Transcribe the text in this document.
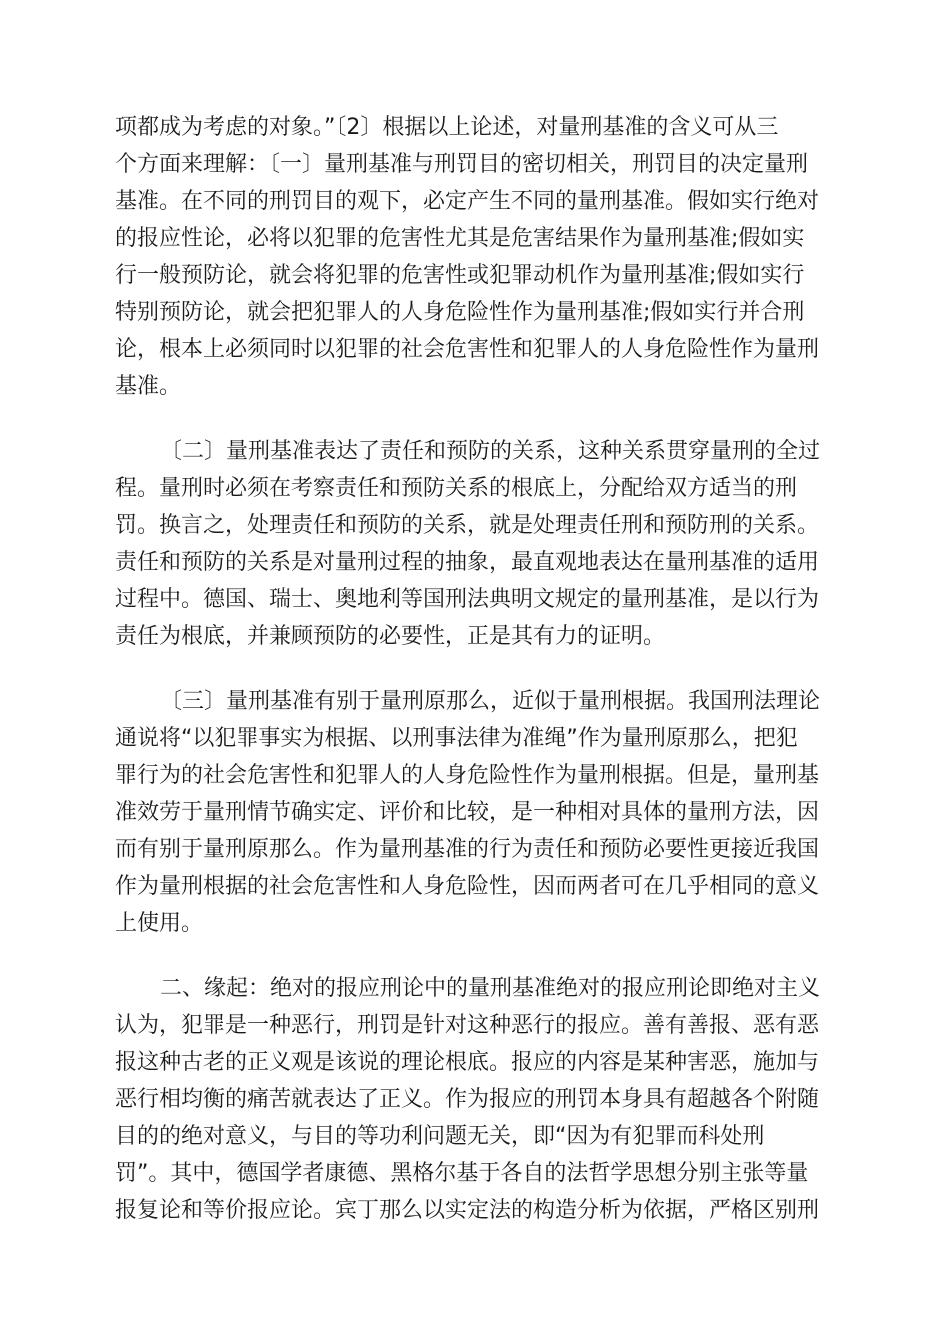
项都成为考虑的对象。”〔2〕根据以上论述，对量刑基准的含义可从三
个方面来理解：〔一〕量刑基准与刑罚目的密切相关，刑罚目的决定量刑
基准。在不同的刑罚目的观下，必定产生不同的量刑基准。假如实行绝对
的报应性论，必将以犯罪的危害性尤其是危害结果作为量刑基准;假如实
行一般预防论，就会将犯罪的危害性或犯罪动机作为量刑基准;假如实行
特别预防论，就会把犯罪人的人身危险性作为量刑基准;假如实行并合刑
论，根本上必须同时以犯罪的社会危害性和犯罪人的人身危险性作为量刑
基准。
〔二〕量刑基准表达了责任和预防的关系，这种关系贯穿量刑的全过
程。量刑时必须在考察责任和预防关系的根底上，分配给双方适当的刑
罚。换言之，处理责任和预防的关系，就是处理责任刑和预防刑的关系。
责任和预防的关系是对量刑过程的抽象，最直观地表达在量刑基准的适用
过程中。德国、瑞士、奥地利等国刑法典明文规定的量刑基准，是以行为
责任为根底，并兼顾预防的必要性，正是其有力的证明。
〔三〕量刑基准有别于量刑原那么，近似于量刑根据。我国刑法理论
通说将“以犯罪事实为根据、以刑事法律为准绳”作为量刑原那么，把犯
罪行为的社会危害性和犯罪人的人身危险性作为量刑根据。但是，量刑基
准效劳于量刑情节确实定、评价和比较，是一种相对具体的量刑方法，因
而有别于量刑原那么。作为量刑基准的行为责任和预防必要性更接近我国
作为量刑根据的社会危害性和人身危险性，因而两者可在几乎相同的意义
上使用。
二、缘起：绝对的报应刑论中的量刑基准绝对的报应刑论即绝对主义
认为，犯罪是一种恶行，刑罚是针对这种恶行的报应。善有善报、恶有恶
报这种古老的正义观是该说的理论根底。报应的内容是某种害恶，施加与
恶行相均衡的痛苦就表达了正义。作为报应的刑罚本身具有超越各个附随
目的的绝对意义，与目的等功利问题无关，即“因为有犯罪而科处刑
罚”。其中，德国学者康德、黑格尔基于各自的法哲学思想分别主张等量
报复论和等价报应论。宾丁那么以实定法的构造分析为依据，严格区别刑
